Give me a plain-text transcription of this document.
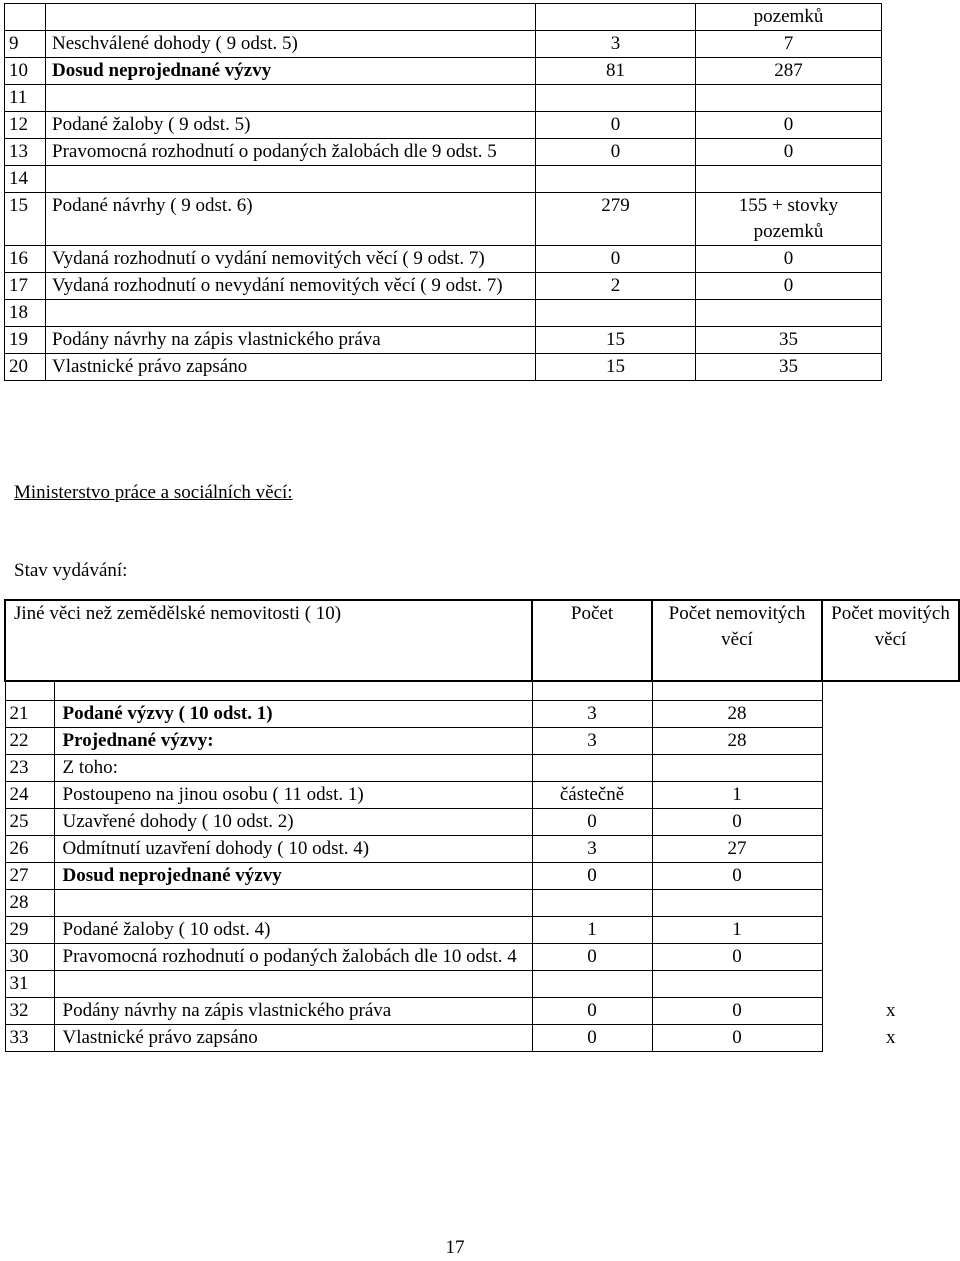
			pozemků
9	Neschválené dohody ( 9 odst. 5)	3	7
10	Dosud neprojednané výzvy	81	287
11			
12	Podané žaloby ( 9 odst. 5)	0	0
13	Pravomocná rozhodnutí o podaných žalobách dle 9 odst. 5	0	0
14			
15	Podané návrhy ( 9 odst. 6)	279	155 + stovky pozemků
16	Vydaná rozhodnutí o vydání nemovitých věcí ( 9 odst. 7)	0	0
17	Vydaná rozhodnutí o nevydání nemovitých věcí ( 9 odst. 7)	2	0
18			
19	Podány návrhy na zápis vlastnického práva	15	35
20	Vlastnické právo zapsáno	15	35
Ministerstvo práce a sociálních věcí:
Stav vydávání:
Jiné věci než zemědělské nemovitosti ( 10)		Počet	Počet nemovitých věcí	Počet movitých věcí

21	Podané výzvy ( 10 odst. 1)	3	28	
22	Projednané výzvy:	3	28	
23	Z toho:			
24	Postoupeno na jinou osobu ( 11 odst. 1)	částečně	1	
25	Uzavřené dohody ( 10 odst. 2)	0	0	
26	Odmítnutí uzavření dohody ( 10 odst. 4)	3	27	
27	Dosud neprojednané výzvy	0	0	
28				
29	Podané žaloby ( 10 odst. 4)	1	1	
30	Pravomocná rozhodnutí o podaných žalobách dle 10 odst. 4	0	0	
31				
32	Podány návrhy na zápis vlastnického práva	0	0	x
33	Vlastnické právo zapsáno	0	0	x
17
